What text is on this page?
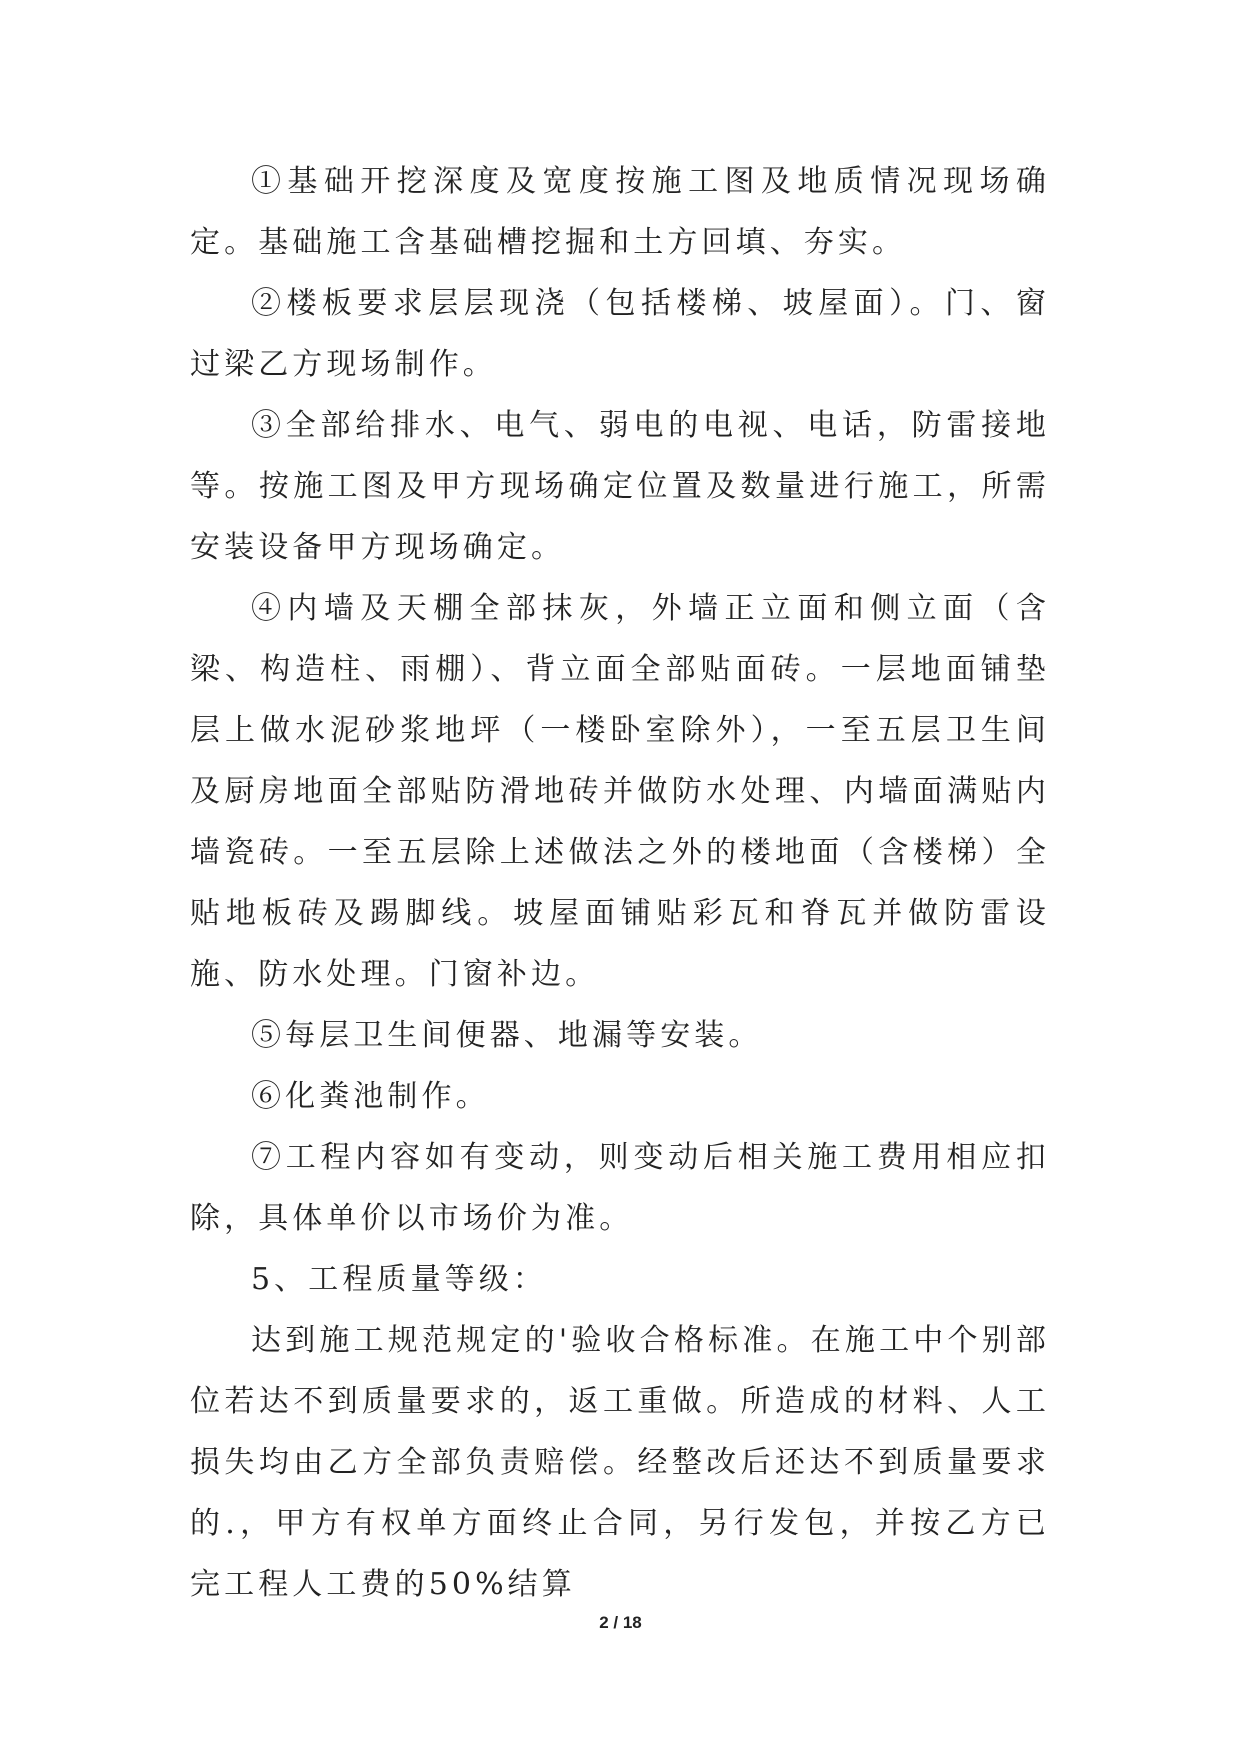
①基础开挖深度及宽度按施工图及地质情况现场确定。基础施工含基础槽挖掘和土方回填、夯实。

②楼板要求层层现浇（包括楼梯、坡屋面）。门、窗过梁乙方现场制作。

③全部给排水、电气、弱电的电视、电话，防雷接地等。按施工图及甲方现场确定位置及数量进行施工，所需安装设备甲方现场确定。

④内墙及天棚全部抹灰，外墙正立面和侧立面（含梁、构造柱、雨棚）、背立面全部贴面砖。一层地面铺垫层上做水泥砂浆地坪（一楼卧室除外），一至五层卫生间及厨房地面全部贴防滑地砖并做防水处理、内墙面满贴内墙瓷砖。一至五层除上述做法之外的楼地面（含楼梯）全贴地板砖及踢脚线。坡屋面铺贴彩瓦和脊瓦并做防雷设施、防水处理。门窗补边。

⑤每层卫生间便器、地漏等安装。

⑥化粪池制作。

⑦工程内容如有变动，则变动后相关施工费用相应扣除，具体单价以市场价为准。

5、工程质量等级：

达到施工规范规定的'验收合格标准。在施工中个别部位若达不到质量要求的，返工重做。所造成的材料、人工损失均由乙方全部负责赔偿。经整改后还达不到质量要求的.，甲方有权单方面终止合同，另行发包，并按乙方已完工程人工费的50%结算

2 / 18
